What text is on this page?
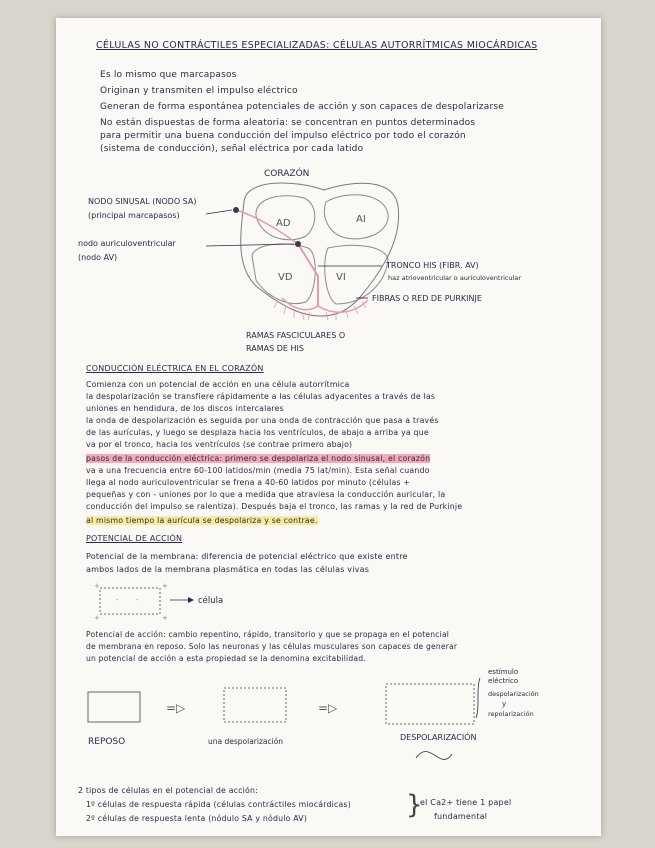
CÉLULAS NO CONTRÁCTILES ESPECIALIZADAS: CÉLULAS AUTORRÍTMICAS MIOCÁRDICAS
Es lo mismo que marcapasos
Originan y transmiten el impulso eléctrico
Generan de forma espontánea potenciales de acción y son capaces de despolarizarse
No están dispuestas de forma aleatoria: se concentran en puntos determinados
para permitir una buena conducción del impulso eléctrico por todo el corazón
(sistema de conducción), señal eléctrica por cada latido
CORAZÓN
AD	AI
VD	VI
NODO SINUSAL (NODO SA)
(principal marcapasos)
nodo auriculoventricular
(nodo AV)
TRONCO HIS (FIBR. AV)
haz atrioventricular o auriculoventricular
FIBRAS O RED DE PURKINJE
RAMAS FASCICULARES O
RAMAS DE HIS
CONDUCCIÓN ELÉCTRICA EN EL CORAZÓN
Comienza con un potencial de acción en una célula autorrítmica
la despolarización se transfiere rápidamente a las células adyacentes a través de las
uniones en hendidura, de los discos intercalares
la onda de despolarización es seguida por una onda de contracción que pasa a través
de las aurículas, y luego se desplaza hacia los ventrículos, de abajo a arriba ya que
va por el tronco, hacia los ventrículos (se contrae primero abajo)
pasos de la conducción eléctrica: primero se despolariza el nodo sinusal, el corazón
va a una frecuencia entre 60-100 latidos/min (media 75 lat/min). Esta señal cuando
llega al nodo auriculoventricular se frena a 40-60 latidos por minuto (células +
pequeñas y con - uniones por lo que a medida que atraviesa la conducción auricular, la
conducción del impulso se ralentiza). Después baja el tronco, las ramas y la red de Purkinje
al mismo tiempo la aurícula se despolariza y se contrae.
POTENCIAL DE ACCIÓN
Potencial de la membrana: diferencia de potencial eléctrico que existe entre
ambos lados de la membrana plasmática en todas las células vivas
+	+
+	+
- -	célula
Potencial de acción: cambio repentino, rápido, transitorio y que se propaga en el potencial
de membrana en reposo. Solo las neuronas y las células musculares son capaces de generar
un potencial de acción a esta propiedad se la denomina excitabilidad.
REPOSO
=▷
una despolarización
=▷
DESPOLARIZACIÓN
estímulo
eléctrico
despolarización
y
repolarización
2 tipos de células en el potencial de acción:
1º células de respuesta rápida (células contráctiles miocárdicas)
2º células de respuesta lenta (nódulo SA y nódulo AV)	}
el Ca2+ tiene 1 papel
fundamental
